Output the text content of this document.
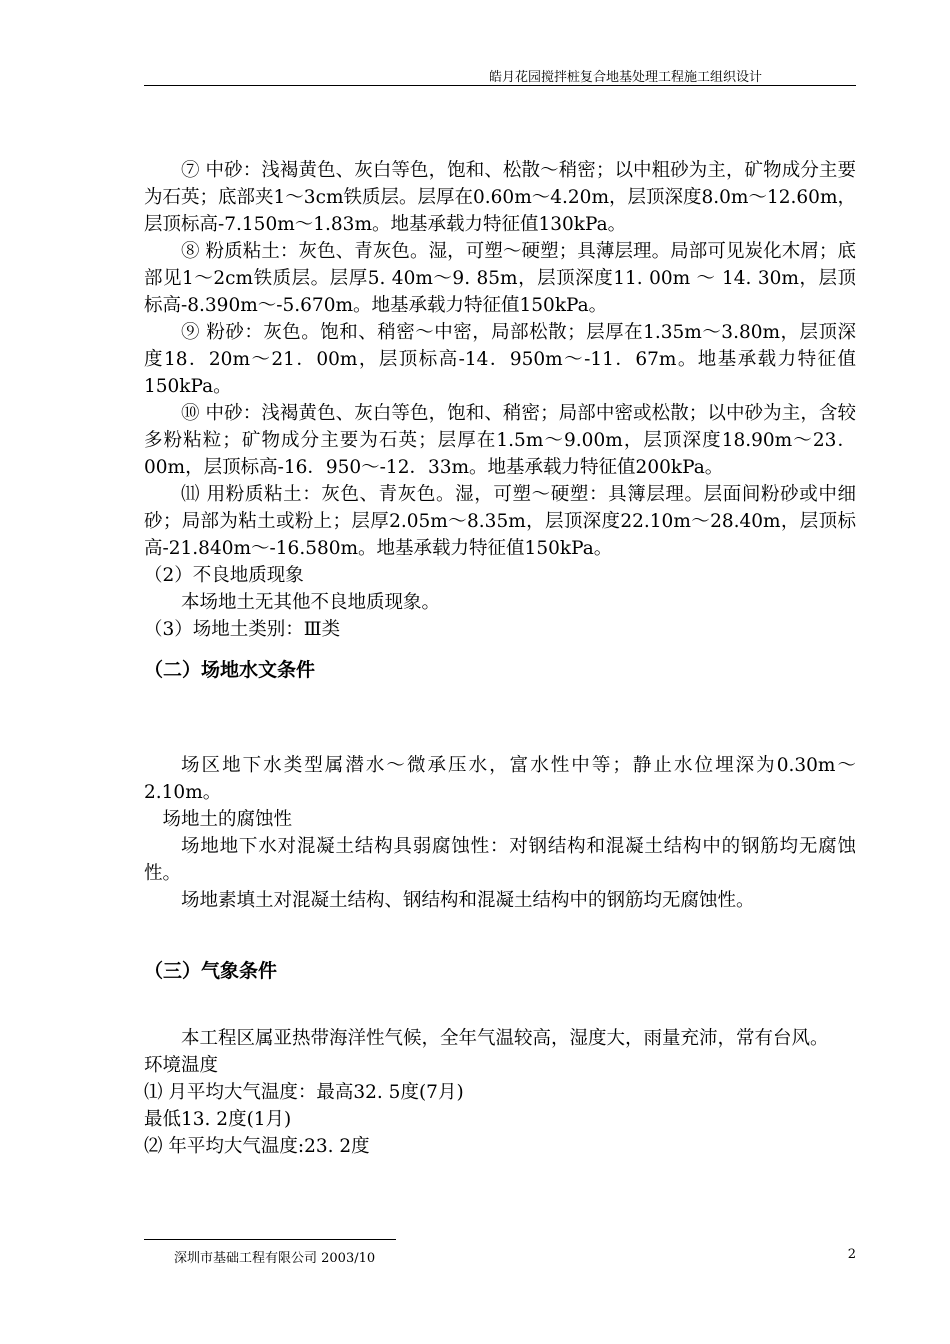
皓月花园搅拌桩复合地基处理工程施工组织设计

⑦ 中砂：浅褐黄色、灰白等色，饱和、松散～稍密；以中粗砂为主，矿物成分主要为石英；底部夹1～3cm铁质层。层厚在0.60m～4.20m，层顶深度8.0m～12.60m，层顶标高-7.150m～1.83m。地基承载力特征值130kPa。

⑧ 粉质粘土：灰色、青灰色。湿，可塑～硬塑；具薄层理。局部可见炭化木屑；底部见1～2cm铁质层。层厚5. 40m～9. 85m，层顶深度11. 00m ～ 14. 30m，层顶标高-8.390m～-5.670m。地基承载力特征值150kPa。

⑨ 粉砂：灰色。饱和、稍密～中密，局部松散；层厚在1.35m～3.80m，层顶深度18．20m～21．00m，层顶标高-14．950m～-11．67m。地基承载力特征值150kPa。

⑩ 中砂：浅褐黄色、灰白等色，饱和、稍密；局部中密或松散；以中砂为主，含较多粉粘粒；矿物成分主要为石英；层厚在1.5m～9.00m，层顶深度18.90m～23．00m，层顶标高-16．950～-12．33m。地基承载力特征值200kPa。

⑾ 用粉质粘土：灰色、青灰色。湿，可塑～硬塑：具簿层理。层面间粉砂或中细砂；局部为粘土或粉上；层厚2.05m～8.35m，层顶深度22.10m～28.40m，层顶标高-21.840m～-16.580m。地基承载力特征值150kPa。

（2）不良地质现象

本场地土无其他不良地质现象。

（3）场地土类别：Ⅲ类

（二）场地水文条件

场区地下水类型属潜水～微承压水，富水性中等；静止水位埋深为0.30m～2.10m。

场地土的腐蚀性

场地地下水对混凝土结构具弱腐蚀性：对钢结构和混凝土结构中的钢筋均无腐蚀性。

场地素填土对混凝土结构、钢结构和混凝土结构中的钢筋均无腐蚀性。

（三）气象条件

本工程区属亚热带海洋性气候，全年气温较高，湿度大，雨量充沛，常有台风。

环境温度

⑴ 月平均大气温度：最高32. 5度(7月)

最低13. 2度(1月)

⑵ 年平均大气温度:23. 2度

深圳市基础工程有限公司 2003/10	2
